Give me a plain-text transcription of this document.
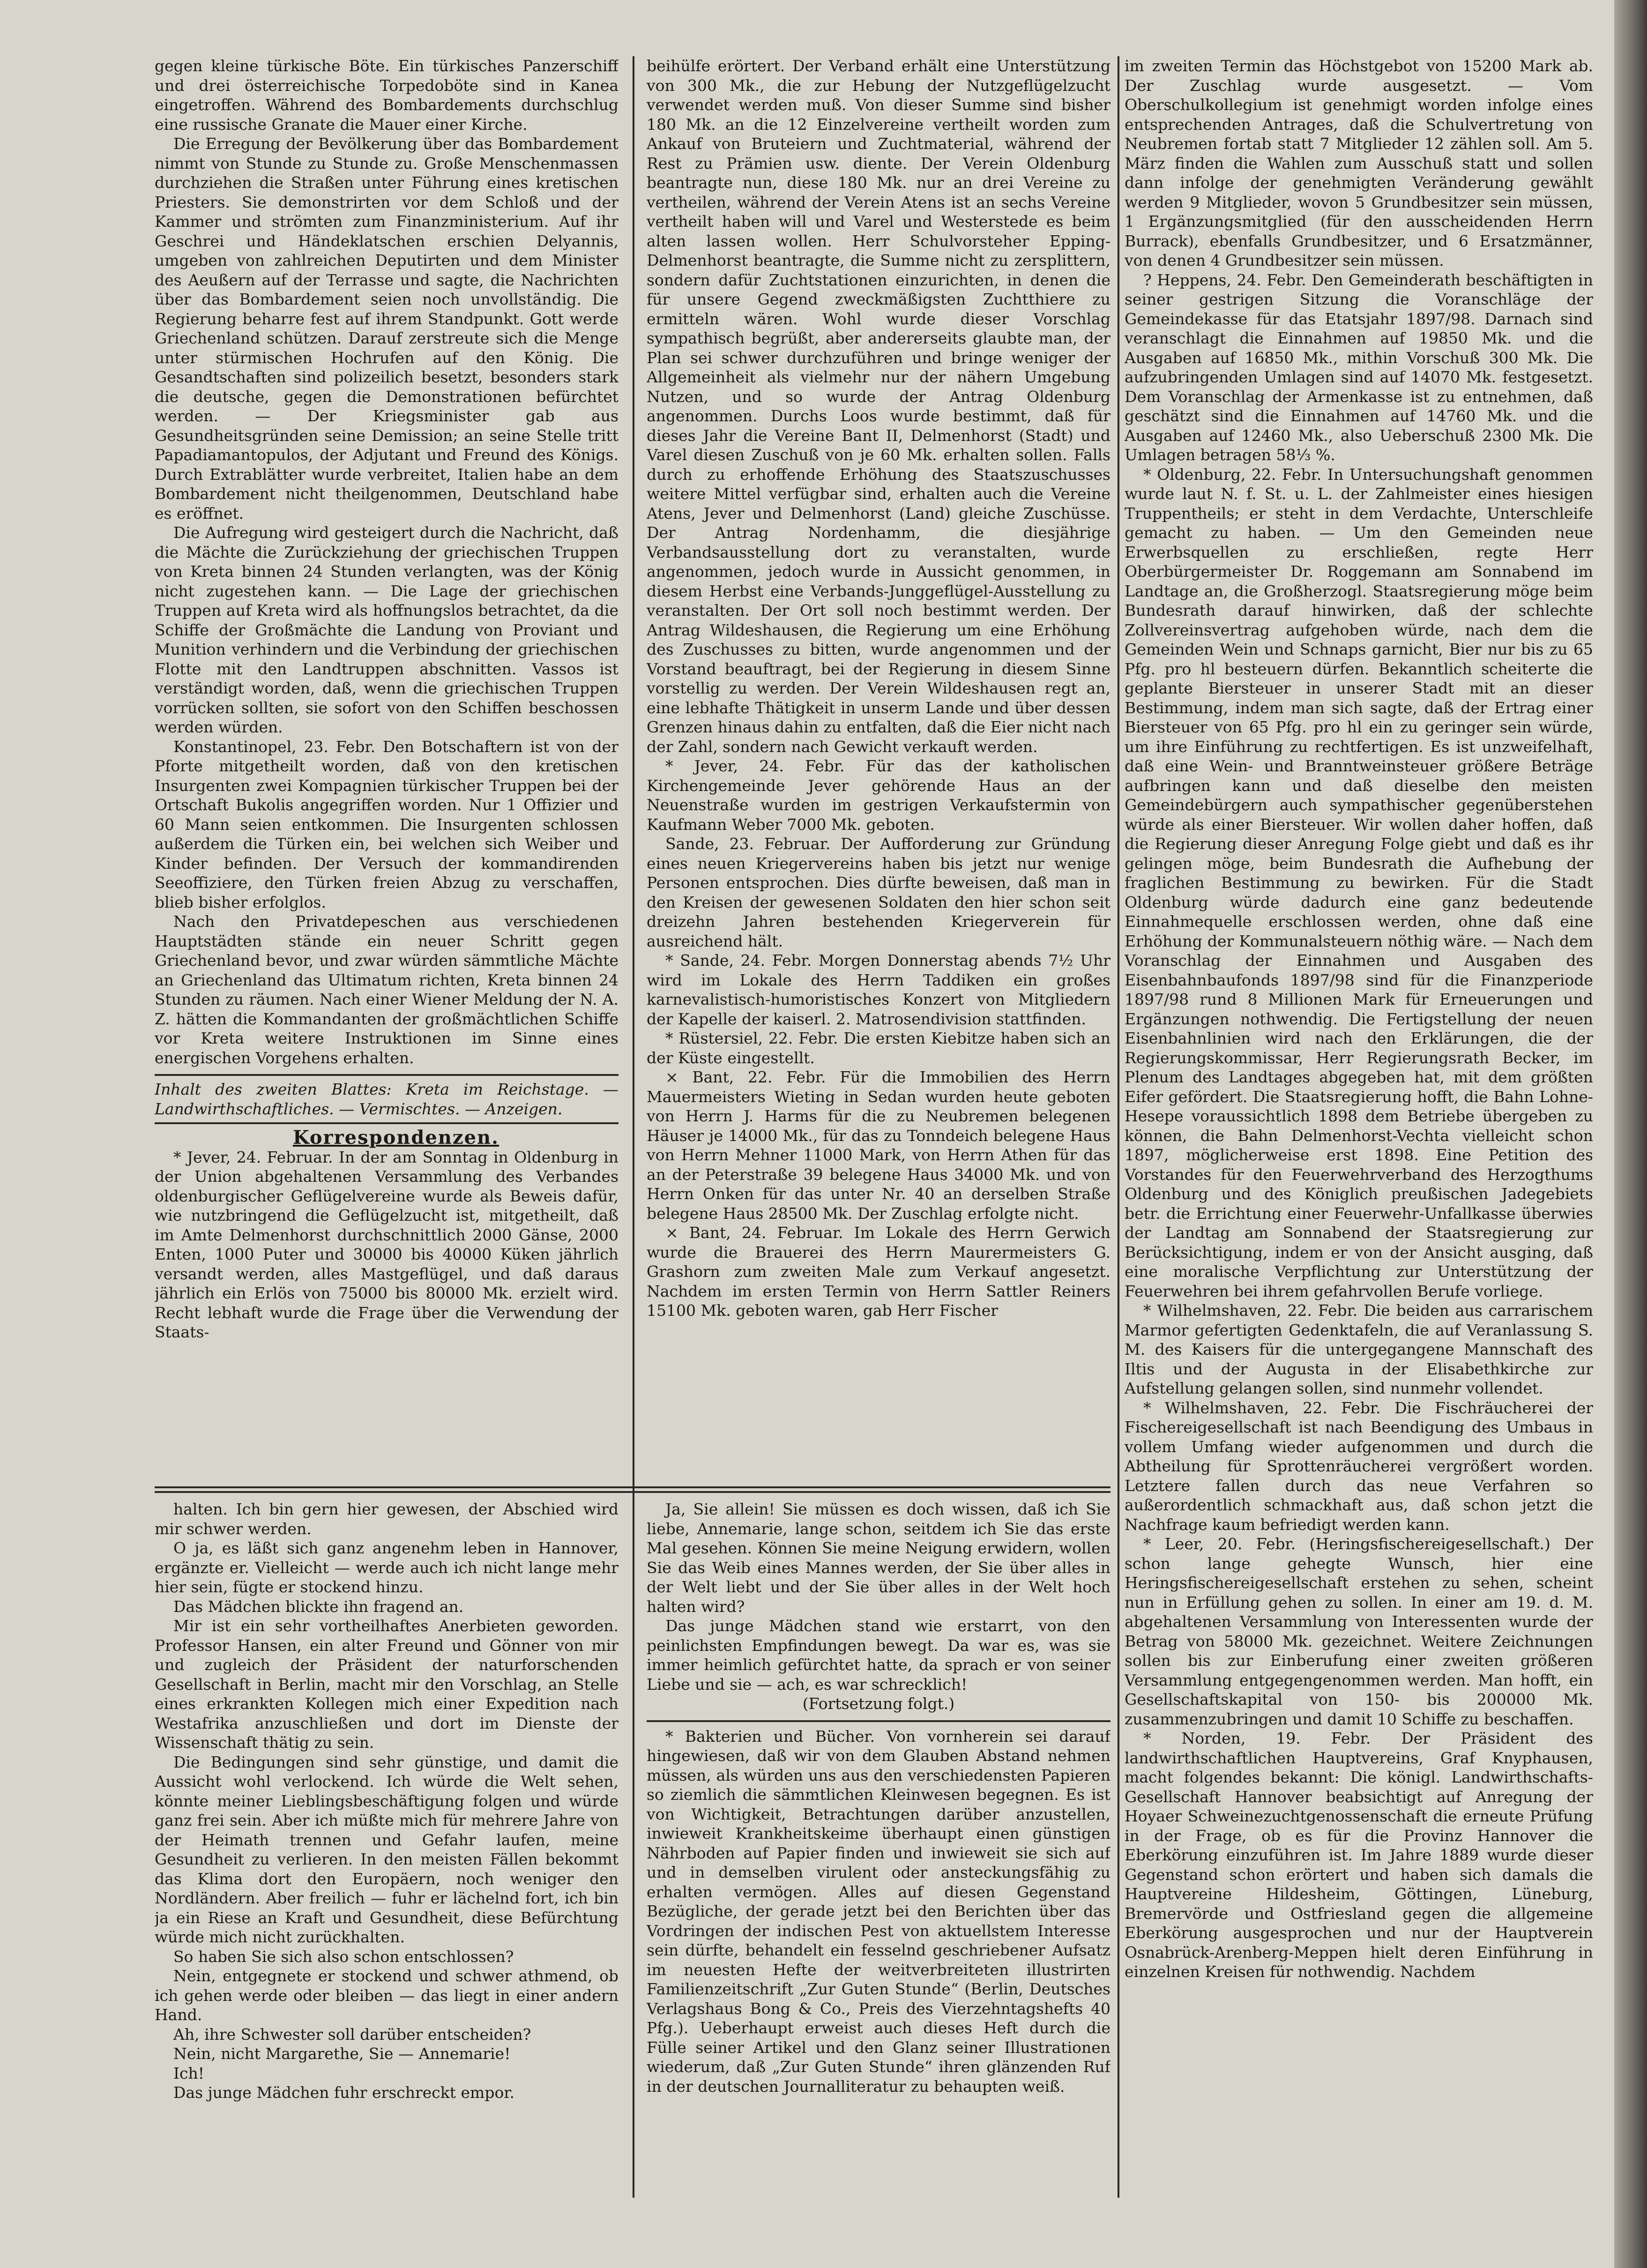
gegen kleine türkische Böte. Ein türkisches Panzerschiff und drei österreichische Torpedoböte sind in Kanea eingetroffen. Während des Bombardements durchschlug eine russische Granate die Mauer einer Kirche.

Die Erregung der Bevölkerung über das Bombardement nimmt von Stunde zu Stunde zu. Große Menschenmassen durchziehen die Straßen unter Führung eines kretischen Priesters. Sie demonstrirten vor dem Schloß und der Kammer und strömten zum Finanzministerium. Auf ihr Geschrei und Händeklatschen erschien Delyannis, umgeben von zahlreichen Deputirten und dem Minister des Aeußern auf der Terrasse und sagte, die Nachrichten über das Bombardement seien noch unvollständig. Die Regierung beharre fest auf ihrem Standpunkt. Gott werde Griechenland schützen. Darauf zerstreute sich die Menge unter stürmischen Hochrufen auf den König. Die Gesandtschaften sind polizeilich besetzt, besonders stark die deutsche, gegen die Demonstrationen befürchtet werden. — Der Kriegsminister gab aus Gesundheitsgründen seine Demission; an seine Stelle tritt Papadiamantopulos, der Adjutant und Freund des Königs. Durch Extrablätter wurde verbreitet, Italien habe an dem Bombardement nicht theilgenommen, Deutschland habe es eröffnet.

Die Aufregung wird gesteigert durch die Nachricht, daß die Mächte die Zurückziehung der griechischen Truppen von Kreta binnen 24 Stunden verlangten, was der König nicht zugestehen kann. — Die Lage der griechischen Truppen auf Kreta wird als hoffnungslos betrachtet, da die Schiffe der Großmächte die Landung von Proviant und Munition verhindern und die Verbindung der griechischen Flotte mit den Landtruppen abschnitten. Vassos ist verständigt worden, daß, wenn die griechischen Truppen vorrücken sollten, sie sofort von den Schiffen beschossen werden würden.

Konstantinopel, 23. Febr. Den Botschaftern ist von der Pforte mitgetheilt worden, daß von den kretischen Insurgenten zwei Kompagnien türkischer Truppen bei der Ortschaft Bukolis angegriffen worden. Nur 1 Offizier und 60 Mann seien entkommen. Die Insurgenten schlossen außerdem die Türken ein, bei welchen sich Weiber und Kinder befinden. Der Versuch der kommandirenden Seeoffiziere, den Türken freien Abzug zu verschaffen, blieb bisher erfolglos.

Nach den Privatdepeschen aus verschiedenen Hauptstädten stände ein neuer Schritt gegen Griechenland bevor, und zwar würden sämmtliche Mächte an Griechenland das Ultimatum richten, Kreta binnen 24 Stunden zu räumen. Nach einer Wiener Meldung der N. A. Z. hätten die Kommandanten der großmächtlichen Schiffe vor Kreta weitere Instruktionen im Sinne eines energischen Vorgehens erhalten.

Inhalt des zweiten Blattes: Kreta im Reichstage. — Landwirthschaftliches. — Vermischtes. — Anzeigen.

Korrespondenzen.

* Jever, 24. Februar. In der am Sonntag in Oldenburg in der Union abgehaltenen Versammlung des Verbandes oldenburgischer Geflügelvereine wurde als Beweis dafür, wie nutzbringend die Geflügelzucht ist, mitgetheilt, daß im Amte Delmenhorst durchschnittlich 2000 Gänse, 2000 Enten, 1000 Puter und 30000 bis 40000 Küken jährlich versandt werden, alles Mastgeflügel, und daß daraus jährlich ein Erlös von 75000 bis 80000 Mk. erzielt wird. Recht lebhaft wurde die Frage über die Verwendung der Staats-

beihülfe erörtert. Der Verband erhält eine Unterstützung von 300 Mk., die zur Hebung der Nutzgeflügelzucht verwendet werden muß. Von dieser Summe sind bisher 180 Mk. an die 12 Einzelvereine vertheilt worden zum Ankauf von Bruteiern und Zuchtmaterial, während der Rest zu Prämien usw. diente. Der Verein Oldenburg beantragte nun, diese 180 Mk. nur an drei Vereine zu vertheilen, während der Verein Atens ist an sechs Vereine vertheilt haben will und Varel und Westerstede es beim alten lassen wollen. Herr Schulvorsteher Epping-Delmenhorst beantragte, die Summe nicht zu zersplittern, sondern dafür Zuchtstationen einzurichten, in denen die für unsere Gegend zweckmäßigsten Zuchtthiere zu ermitteln wären. Wohl wurde dieser Vorschlag sympathisch begrüßt, aber andererseits glaubte man, der Plan sei schwer durchzuführen und bringe weniger der Allgemeinheit als vielmehr nur der nähern Umgebung Nutzen, und so wurde der Antrag Oldenburg angenommen. Durchs Loos wurde bestimmt, daß für dieses Jahr die Vereine Bant II, Delmenhorst (Stadt) und Varel diesen Zuschuß von je 60 Mk. erhalten sollen. Falls durch zu erhoffende Erhöhung des Staatszuschusses weitere Mittel verfügbar sind, erhalten auch die Vereine Atens, Jever und Delmenhorst (Land) gleiche Zuschüsse. Der Antrag Nordenhamm, die diesjährige Verbandsausstellung dort zu veranstalten, wurde angenommen, jedoch wurde in Aussicht genommen, in diesem Herbst eine Verbands-Junggeflügel-Ausstellung zu veranstalten. Der Ort soll noch bestimmt werden. Der Antrag Wildeshausen, die Regierung um eine Erhöhung des Zuschusses zu bitten, wurde angenommen und der Vorstand beauftragt, bei der Regierung in diesem Sinne vorstellig zu werden. Der Verein Wildeshausen regt an, eine lebhafte Thätigkeit in unserm Lande und über dessen Grenzen hinaus dahin zu entfalten, daß die Eier nicht nach der Zahl, sondern nach Gewicht verkauft werden.

* Jever, 24. Febr. Für das der katholischen Kirchengemeinde Jever gehörende Haus an der Neuenstraße wurden im gestrigen Verkaufstermin von Kaufmann Weber 7000 Mk. geboten.

Sande, 23. Februar. Der Aufforderung zur Gründung eines neuen Kriegervereins haben bis jetzt nur wenige Personen entsprochen. Dies dürfte beweisen, daß man in den Kreisen der gewesenen Soldaten den hier schon seit dreizehn Jahren bestehenden Kriegerverein für ausreichend hält.

* Sande, 24. Febr. Morgen Donnerstag abends 7½ Uhr wird im Lokale des Herrn Taddiken ein großes karnevalistisch-humoristisches Konzert von Mitgliedern der Kapelle der kaiserl. 2. Matrosendivision stattfinden.

* Rüstersiel, 22. Febr. Die ersten Kiebitze haben sich an der Küste eingestellt.

× Bant, 22. Febr. Für die Immobilien des Herrn Mauermeisters Wieting in Sedan wurden heute geboten von Herrn J. Harms für die zu Neubremen belegenen Häuser je 14000 Mk., für das zu Tonndeich belegene Haus von Herrn Mehner 11000 Mark, von Herrn Athen für das an der Peterstraße 39 belegene Haus 34000 Mk. und von Herrn Onken für das unter Nr. 40 an derselben Straße belegene Haus 28500 Mk. Der Zuschlag erfolgte nicht.

× Bant, 24. Februar. Im Lokale des Herrn Gerwich wurde die Brauerei des Herrn Maurermeisters G. Grashorn zum zweiten Male zum Verkauf angesetzt. Nachdem im ersten Termin von Herrn Sattler Reiners 15100 Mk. geboten waren, gab Herr Fischer

im zweiten Termin das Höchstgebot von 15200 Mark ab. Der Zuschlag wurde ausgesetzt. — Vom Oberschulkollegium ist genehmigt worden infolge eines entsprechenden Antrages, daß die Schulvertretung von Neubremen fortab statt 7 Mitglieder 12 zählen soll. Am 5. März finden die Wahlen zum Ausschuß statt und sollen dann infolge der genehmigten Veränderung gewählt werden 9 Mitglieder, wovon 5 Grundbesitzer sein müssen, 1 Ergänzungsmitglied (für den ausscheidenden Herrn Burrack), ebenfalls Grundbesitzer, und 6 Ersatzmänner, von denen 4 Grundbesitzer sein müssen.

? Heppens, 24. Febr. Den Gemeinderath beschäftigten in seiner gestrigen Sitzung die Voranschläge der Gemeindekasse für das Etatsjahr 1897/98. Darnach sind veranschlagt die Einnahmen auf 19850 Mk. und die Ausgaben auf 16850 Mk., mithin Vorschuß 300 Mk. Die aufzubringenden Umlagen sind auf 14070 Mk. festgesetzt. Dem Voranschlag der Armenkasse ist zu entnehmen, daß geschätzt sind die Einnahmen auf 14760 Mk. und die Ausgaben auf 12460 Mk., also Ueberschuß 2300 Mk. Die Umlagen betragen 58⅓ %.

* Oldenburg, 22. Febr. In Untersuchungshaft genommen wurde laut N. f. St. u. L. der Zahlmeister eines hiesigen Truppentheils; er steht in dem Verdachte, Unterschleife gemacht zu haben. — Um den Gemeinden neue Erwerbsquellen zu erschließen, regte Herr Oberbürgermeister Dr. Roggemann am Sonnabend im Landtage an, die Großherzogl. Staatsregierung möge beim Bundesrath darauf hinwirken, daß der schlechte Zollvereinsvertrag aufgehoben würde, nach dem die Gemeinden Wein und Schnaps garnicht, Bier nur bis zu 65 Pfg. pro hl besteuern dürfen. Bekanntlich scheiterte die geplante Biersteuer in unserer Stadt mit an dieser Bestimmung, indem man sich sagte, daß der Ertrag einer Biersteuer von 65 Pfg. pro hl ein zu geringer sein würde, um ihre Einführung zu rechtfertigen. Es ist unzweifelhaft, daß eine Wein- und Branntweinsteuer größere Beträge aufbringen kann und daß dieselbe den meisten Gemeindebürgern auch sympathischer gegenüberstehen würde als einer Biersteuer. Wir wollen daher hoffen, daß die Regierung dieser Anregung Folge giebt und daß es ihr gelingen möge, beim Bundesrath die Aufhebung der fraglichen Bestimmung zu bewirken. Für die Stadt Oldenburg würde dadurch eine ganz bedeutende Einnahmequelle erschlossen werden, ohne daß eine Erhöhung der Kommunalsteuern nöthig wäre. — Nach dem Voranschlag der Einnahmen und Ausgaben des Eisenbahnbaufonds 1897/98 sind für die Finanzperiode 1897/98 rund 8 Millionen Mark für Erneuerungen und Ergänzungen nothwendig. Die Fertigstellung der neuen Eisenbahnlinien wird nach den Erklärungen, die der Regierungskommissar, Herr Regierungsrath Becker, im Plenum des Landtages abgegeben hat, mit dem größten Eifer gefördert. Die Staatsregierung hofft, die Bahn Lohne-Hesepe voraussichtlich 1898 dem Betriebe übergeben zu können, die Bahn Delmenhorst-Vechta vielleicht schon 1897, möglicherweise erst 1898. Eine Petition des Vorstandes für den Feuerwehrverband des Herzogthums Oldenburg und des Königlich preußischen Jadegebiets betr. die Errichtung einer Feuerwehr-Unfallkasse überwies der Landtag am Sonnabend der Staatsregierung zur Berücksichtigung, indem er von der Ansicht ausging, daß eine moralische Verpflichtung zur Unterstützung der Feuerwehren bei ihrem gefahrvollen Berufe vorliege.

* Wilhelmshaven, 22. Febr. Die beiden aus carrarischem Marmor gefertigten Gedenktafeln, die auf Veranlassung S. M. des Kaisers für die untergegangene Mannschaft des Iltis und der Augusta in der Elisabethkirche zur Aufstellung gelangen sollen, sind nunmehr vollendet.

* Wilhelmshaven, 22. Febr. Die Fischräucherei der Fischereigesellschaft ist nach Beendigung des Umbaus in vollem Umfang wieder aufgenommen und durch die Abtheilung für Sprottenräucherei vergrößert worden. Letztere fallen durch das neue Verfahren so außerordentlich schmackhaft aus, daß schon jetzt die Nachfrage kaum befriedigt werden kann.

* Leer, 20. Febr. (Heringsfischereigesellschaft.) Der schon lange gehegte Wunsch, hier eine Heringsfischereigesellschaft erstehen zu sehen, scheint nun in Erfüllung gehen zu sollen. In einer am 19. d. M. abgehaltenen Versammlung von Interessenten wurde der Betrag von 58000 Mk. gezeichnet. Weitere Zeichnungen sollen bis zur Einberufung einer zweiten größeren Versammlung entgegengenommen werden. Man hofft, ein Gesellschaftskapital von 150- bis 200000 Mk. zusammenzubringen und damit 10 Schiffe zu beschaffen.

* Norden, 19. Febr. Der Präsident des landwirthschaftlichen Hauptvereins, Graf Knyphausen, macht folgendes bekannt: Die königl. Landwirthschafts-Gesellschaft Hannover beabsichtigt auf Anregung der Hoyaer Schweinezuchtgenossenschaft die erneute Prüfung in der Frage, ob es für die Provinz Hannover die Eberkörung einzuführen ist. Im Jahre 1889 wurde dieser Gegenstand schon erörtert und haben sich damals die Hauptvereine Hildesheim, Göttingen, Lüneburg, Bremervörde und Ostfriesland gegen die allgemeine Eberkörung ausgesprochen und nur der Hauptverein Osnabrück-Arenberg-Meppen hielt deren Einführung in einzelnen Kreisen für nothwendig. Nachdem

halten. Ich bin gern hier gewesen, der Abschied wird mir schwer werden.

O ja, es läßt sich ganz angenehm leben in Hannover, ergänzte er. Vielleicht — werde auch ich nicht lange mehr hier sein, fügte er stockend hinzu.

Das Mädchen blickte ihn fragend an.

Mir ist ein sehr vortheilhaftes Anerbieten geworden. Professor Hansen, ein alter Freund und Gönner von mir und zugleich der Präsident der naturforschenden Gesellschaft in Berlin, macht mir den Vorschlag, an Stelle eines erkrankten Kollegen mich einer Expedition nach Westafrika anzuschließen und dort im Dienste der Wissenschaft thätig zu sein.

Die Bedingungen sind sehr günstige, und damit die Aussicht wohl verlockend. Ich würde die Welt sehen, könnte meiner Lieblingsbeschäftigung folgen und würde ganz frei sein. Aber ich müßte mich für mehrere Jahre von der Heimath trennen und Gefahr laufen, meine Gesundheit zu verlieren. In den meisten Fällen bekommt das Klima dort den Europäern, noch weniger den Nordländern. Aber freilich — fuhr er lächelnd fort, ich bin ja ein Riese an Kraft und Gesundheit, diese Befürchtung würde mich nicht zurückhalten.

So haben Sie sich also schon entschlossen?

Nein, entgegnete er stockend und schwer athmend, ob ich gehen werde oder bleiben — das liegt in einer andern Hand.

Ah, ihre Schwester soll darüber entscheiden?

Nein, nicht Margarethe, Sie — Annemarie!

Ich!

Das junge Mädchen fuhr erschreckt empor.

Ja, Sie allein! Sie müssen es doch wissen, daß ich Sie liebe, Annemarie, lange schon, seitdem ich Sie das erste Mal gesehen. Können Sie meine Neigung erwidern, wollen Sie das Weib eines Mannes werden, der Sie über alles in der Welt liebt und der Sie über alles in der Welt hoch halten wird?

Das junge Mädchen stand wie erstarrt, von den peinlichsten Empfindungen bewegt. Da war es, was sie immer heimlich gefürchtet hatte, da sprach er von seiner Liebe und sie — ach, es war schrecklich!

(Fortsetzung folgt.)

* Bakterien und Bücher. Von vornherein sei darauf hingewiesen, daß wir von dem Glauben Abstand nehmen müssen, als würden uns aus den verschiedensten Papieren so ziemlich die sämmtlichen Kleinwesen begegnen. Es ist von Wichtigkeit, Betrachtungen darüber anzustellen, inwieweit Krankheitskeime überhaupt einen günstigen Nährboden auf Papier finden und inwieweit sie sich auf und in demselben virulent oder ansteckungsfähig zu erhalten vermögen. Alles auf diesen Gegenstand Bezügliche, der gerade jetzt bei den Berichten über das Vordringen der indischen Pest von aktuellstem Interesse sein dürfte, behandelt ein fesselnd geschriebener Aufsatz im neuesten Hefte der weitverbreiteten illustrirten Familienzeitschrift „Zur Guten Stunde“ (Berlin, Deutsches Verlagshaus Bong & Co., Preis des Vierzehntagshefts 40 Pfg.). Ueberhaupt erweist auch dieses Heft durch die Fülle seiner Artikel und den Glanz seiner Illustrationen wiederum, daß „Zur Guten Stunde“ ihren glänzenden Ruf in der deutschen Journalliteratur zu behaupten weiß.
